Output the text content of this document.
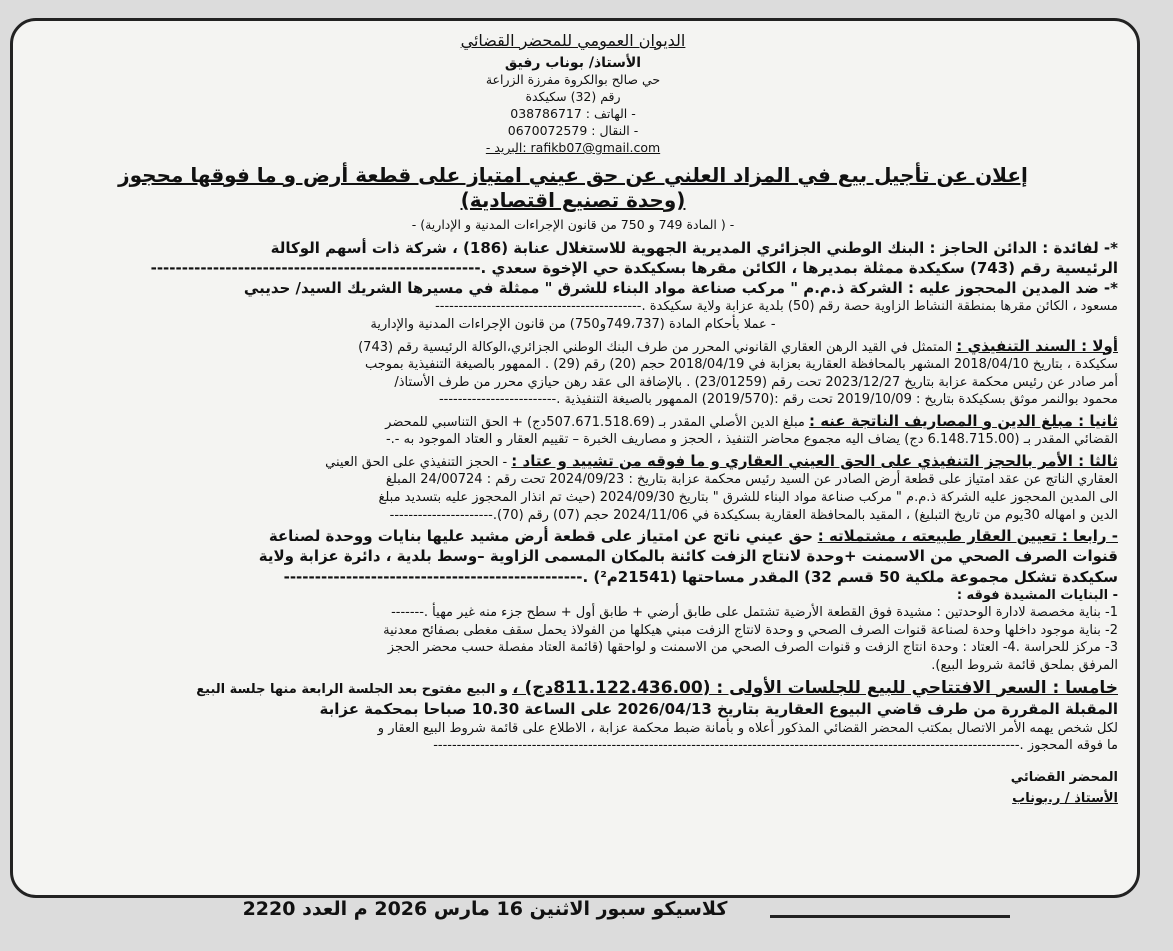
الديوان العمومي للمحضر القضائي
الأستاذ/ بوناب رفيق
حي صالح بوالكروة مفرزة الزراعة
رقم (32) سكيكدة
- الهاتف : 038786717
- النقال : 0670072579
rafikb07@gmail.com :البريد -
إعلان عن تأجيل بيع في المزاد العلني عن حق عيني امتياز على قطعة أرض و ما فوقها محجوز
(وحدة تصنيع اقتصادية)
- ( المادة 749 و 750 من قانون الإجراءات المدنية و الإدارية) -

*- لفائدة : الدائن الحاجز : البنك الوطني الجزائري المديرية الجهوية للاستغلال عنابة (186) ، شركة ذات أسهم الوكالة

الرئيسية رقم (743) سكيكدة ممثلة بمديرها ، الكائن مقرها بسكيكدة حي الإخوة سعدي .-----------------------------------------------------

*- ضد المدين المحجوز عليه : الشركة ذ.م.م " مركب صناعة مواد البناء للشرق " ممثلة في مسيرها الشريك السيد/ حديبي

مسعود ، الكائن مقرها بمنطقة النشاط الزاوية حصة رقم (50) بلدية عزابة ولاية سكيكدة .--------------------------------------------

- عملا بأحكام المادة (749،737و750) من قانون الإجراءات المدنية والإدارية

أولا : السند التنفيذي : المتمثل في القيد الرهن العقاري القانوني المحرر من طرف البنك الوطني الجزائري،الوكالة الرئيسية رقم (743)

سكيكدة ، بتاريخ 2018/04/10 المشهر بالمحافظة العقارية بعزابة في 2018/04/19 حجم (20) رقم (29) . الممهور بالصيغة التنفيذية بموجب

أمر صادر عن رئيس محكمة عزابة بتاريخ 2023/12/27 تحت رقم (23/01259) . بالإضافة الى عقد رهن حيازي محرر من طرف الأستاذ/

محمود بوالنمر موثق بسكيكدة بتاريخ : 2019/10/09 تحت رقم :(2019/570) الممهور بالصيغة التنفيذية .-------------------------

ثانيا : مبلغ الدين و المصاريف الناتجة عنه : مبلغ الدين الأصلي المقدر بـ (507.671.518.69دج) + الحق التناسبي للمحضر

القضائي المقدر بـ (6.148.715.00 دج) يضاف اليه مجموع محاضر التنفيذ ، الحجز و مصاريف الخبرة – تقييم العقار و العتاد الموجود به -.-

ثالثا : الأمر بالحجز التنفيذي على الحق العيني العقاري و ما فوقه من تشييد و عتاد : - الحجز التنفيذي على الحق العيني

العقاري الناتج عن عقد امتياز على قطعة أرض الصادر عن السيد رئيس محكمة عزابة بتاريخ : 2024/09/23 تحت رقم : 24/00724 المبلغ

الى المدين المحجوز عليه الشركة ذ.م.م " مركب صناعة مواد البناء للشرق " بتاريخ 2024/09/30 (حيث تم انذار المحجوز عليه بتسديد مبلغ

الدين و امهاله 30يوم من تاريخ التبليغ) ، المقيد بالمحافظة العقارية بسكيكدة في 2024/11/06 حجم (07) رقم (70).----------------------

- رابعا : تعيين العقار طبيعته ، مشتملاته : حق عيني ناتج عن امتياز على قطعة أرض مشيد عليها بنايات ووحدة لصناعة

قنوات الصرف الصحي من الاسمنت +وحدة لانتاج الزفت كائنة بالمكان المسمى الزاوية –وسط بلدية ، دائرة عزابة ولاية

سكيكدة تشكل مجموعة ملكية 50 قسم 32) المقدر مساحتها (21541م²) .------------------------------------------------

- البنايات المشيدة فوقه :

1- بناية مخصصة لادارة الوحدتين : مشيدة فوق القطعة الأرضية تشتمل على طابق أرضي + طابق أول + سطح جزء منه غير مهيأ .-------

2- بناية موجود داخلها وحدة لصناعة قنوات الصرف الصحي و وحدة لانتاج الزفت مبني هيكلها من الفولاذ يحمل سقف مغطى بصفائح معدنية

3- مركز للحراسة .4- العتاد : وحدة انتاج الزفت و قنوات الصرف الصحي من الاسمنت و لواحقها (قائمة العتاد مفصلة حسب محضر الحجز

المرفق بملحق قائمة شروط البيع).

خامسا : السعر الافتتاحي للبيع للجلسات الأولى : (811.122.436.00دج) ، و البيع مفتوح بعد الجلسة الرابعة منها جلسة البيع

المقبلة المقررة من طرف قاضي البيوع العقارية بتاريخ 2026/04/13 على الساعة 10.30 صباحا بمحكمة عزابة

لكل شخص يهمه الأمر الاتصال بمكتب المحضر القضائي المذكور أعلاه و بأمانة ضبط محكمة عزابة ، الاطلاع على قائمة شروط البيع العقار و

ما فوقه المحجوز .-----------------------------------------------------------------------------------------------------------------------------

المحضر القضائي
الأستاذ / ر.بوناب
كلاسيكو سبور الاثنين 16 مارس 2026 م العدد 2220
